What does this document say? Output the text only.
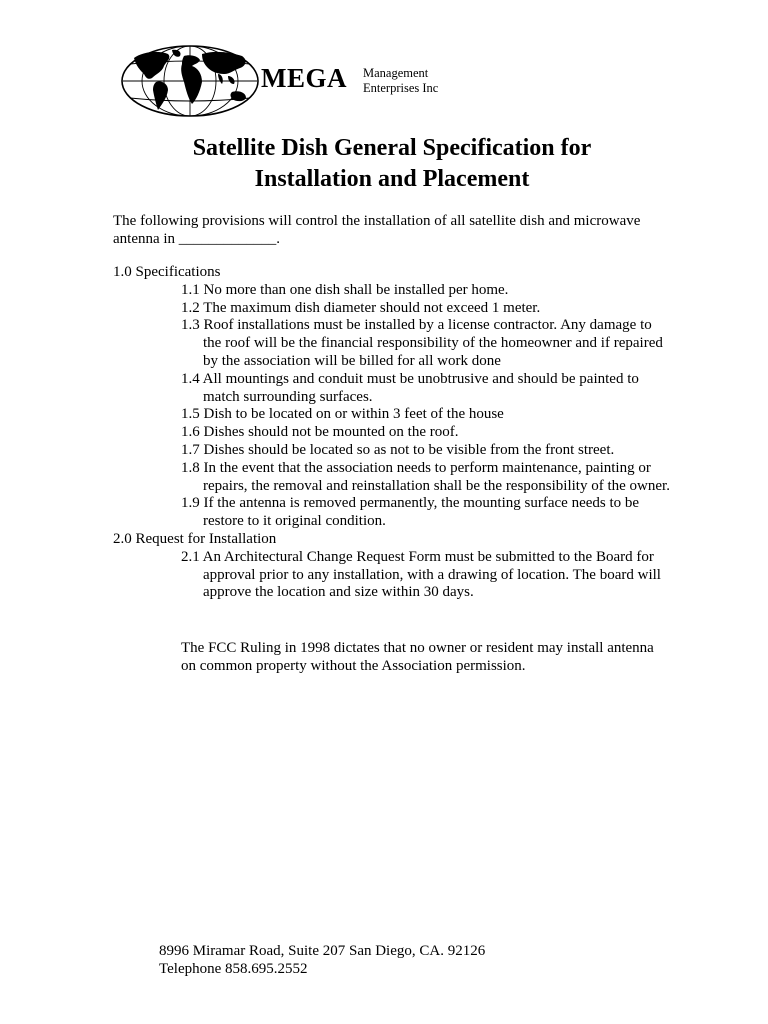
MEGA Management
Enterprises Inc
Satellite Dish General Specification for
Installation and Placement
The following provisions will control the installation of all satellite dish and microwave
antenna in _____________.
1.0 Specifications
1.1 No more than one dish shall be installed per home.
1.2 The maximum dish diameter should not exceed 1 meter.
1.3 Roof installations must be installed by a license contractor. Any damage to
the roof will be the financial responsibility of the homeowner and if repaired
by the association will be billed for all work done
1.4 All mountings and conduit must be unobtrusive and should be painted to
match surrounding surfaces.
1.5 Dish to be located on or within 3 feet of the house
1.6 Dishes should not be mounted on the roof.
1.7 Dishes should be located so as not to be visible from the front street.
1.8 In the event that the association needs to perform maintenance, painting or
repairs, the removal and reinstallation shall be the responsibility of the owner.
1.9 If the antenna is removed permanently, the mounting surface needs to be
restore to it original condition.
2.0 Request for Installation
2.1 An Architectural Change Request Form must be submitted to the Board for
approval prior to any installation, with a drawing of location. The board will
approve the location and size within 30 days.
The FCC Ruling in 1998 dictates that no owner or resident may install antenna
on common property without the Association permission.
8996 Miramar Road, Suite 207 San Diego, CA. 92126
Telephone 858.695.2552
